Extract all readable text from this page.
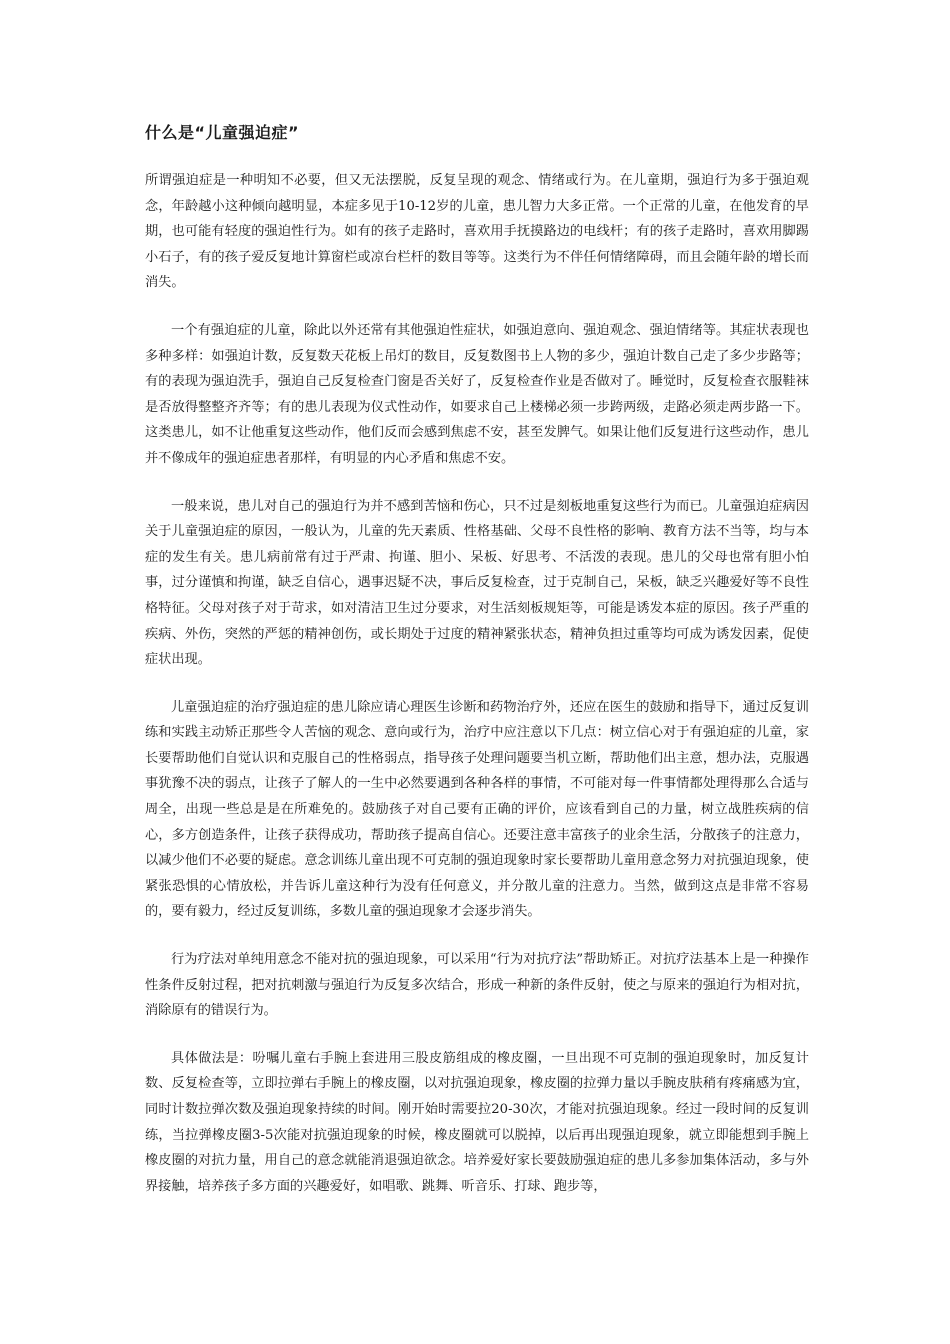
什么是“儿童强迫症”

所谓强迫症是一种明知不必要，但又无法摆脱，反复呈现的观念、情绪或行为。在儿童期，强迫行为多于强迫观念，年龄越小这种倾向越明显，本症多见于10-12岁的儿童，患儿智力大多正常。一个正常的儿童，在他发育的早期，也可能有轻度的强迫性行为。如有的孩子走路时，喜欢用手抚摸路边的电线杆；有的孩子走路时，喜欢用脚踢小石子，有的孩子爱反复地计算窗栏或凉台栏杆的数目等等。这类行为不伴任何情绪障碍，而且会随年龄的增长而消失。

一个有强迫症的儿童，除此以外还常有其他强迫性症状，如强迫意向、强迫观念、强迫情绪等。其症状表现也多种多样：如强迫计数，反复数天花板上吊灯的数目，反复数图书上人物的多少，强迫计数自己走了多少步路等；有的表现为强迫洗手，强迫自己反复检查门窗是否关好了，反复检查作业是否做对了。睡觉时，反复检查衣服鞋袜是否放得整整齐齐等；有的患儿表现为仪式性动作，如要求自己上楼梯必须一步跨两级，走路必须走两步路一下。这类患儿，如不让他重复这些动作，他们反而会感到焦虑不安，甚至发脾气。如果让他们反复进行这些动作，患儿并不像成年的强迫症患者那样，有明显的内心矛盾和焦虑不安。

一般来说，患儿对自己的强迫行为并不感到苦恼和伤心，只不过是刻板地重复这些行为而已。儿童强迫症病因关于儿童强迫症的原因，一般认为，儿童的先天素质、性格基础、父母不良性格的影响、教育方法不当等，均与本症的发生有关。患儿病前常有过于严肃、拘谨、胆小、呆板、好思考、不活泼的表现。患儿的父母也常有胆小怕事，过分谨慎和拘谨，缺乏自信心，遇事迟疑不决，事后反复检查，过于克制自己，呆板，缺乏兴趣爱好等不良性格特征。父母对孩子对于苛求，如对清洁卫生过分要求，对生活刻板规矩等，可能是诱发本症的原因。孩子严重的疾病、外伤，突然的严惩的精神创伤，或长期处于过度的精神紧张状态，精神负担过重等均可成为诱发因素，促使症状出现。

儿童强迫症的治疗强迫症的患儿除应请心理医生诊断和药物治疗外，还应在医生的鼓励和指导下，通过反复训练和实践主动矫正那些令人苦恼的观念、意向或行为，治疗中应注意以下几点：树立信心对于有强迫症的儿童，家长要帮助他们自觉认识和克服自己的性格弱点，指导孩子处理问题要当机立断，帮助他们出主意，想办法，克服遇事犹豫不决的弱点，让孩子了解人的一生中必然要遇到各种各样的事情，不可能对每一件事情都处理得那么合适与周全，出现一些总是是在所难免的。鼓励孩子对自己要有正确的评价，应该看到自己的力量，树立战胜疾病的信心，多方创造条件，让孩子获得成功，帮助孩子提高自信心。还要注意丰富孩子的业余生活，分散孩子的注意力，以减少他们不必要的疑虑。意念训练儿童出现不可克制的强迫现象时家长要帮助儿童用意念努力对抗强迫现象，使紧张恐惧的心情放松，并告诉儿童这种行为没有任何意义，并分散儿童的注意力。当然，做到这点是非常不容易的，要有毅力，经过反复训练，多数儿童的强迫现象才会逐步消失。

行为疗法对单纯用意念不能对抗的强迫现象，可以采用“行为对抗疗法”帮助矫正。对抗疗法基本上是一种操作性条件反射过程，把对抗刺激与强迫行为反复多次结合，形成一种新的条件反射，使之与原来的强迫行为相对抗，消除原有的错误行为。

具体做法是：吩嘱儿童右手腕上套进用三股皮筋组成的橡皮圈，一旦出现不可克制的强迫现象时，加反复计数、反复检查等，立即拉弹右手腕上的橡皮圈，以对抗强迫现象，橡皮圈的拉弹力量以手腕皮肤稍有疼痛感为宜，同时计数拉弹次数及强迫现象持续的时间。刚开始时需要拉20-30次，才能对抗强迫现象。经过一段时间的反复训练，当拉弹橡皮圈3-5次能对抗强迫现象的时候，橡皮圈就可以脱掉，以后再出现强迫现象，就立即能想到手腕上橡皮圈的对抗力量，用自己的意念就能消退强迫欲念。培养爱好家长要鼓励强迫症的患儿多参加集体活动，多与外界接触，培养孩子多方面的兴趣爱好，如唱歌、跳舞、听音乐、打球、跑步等，
